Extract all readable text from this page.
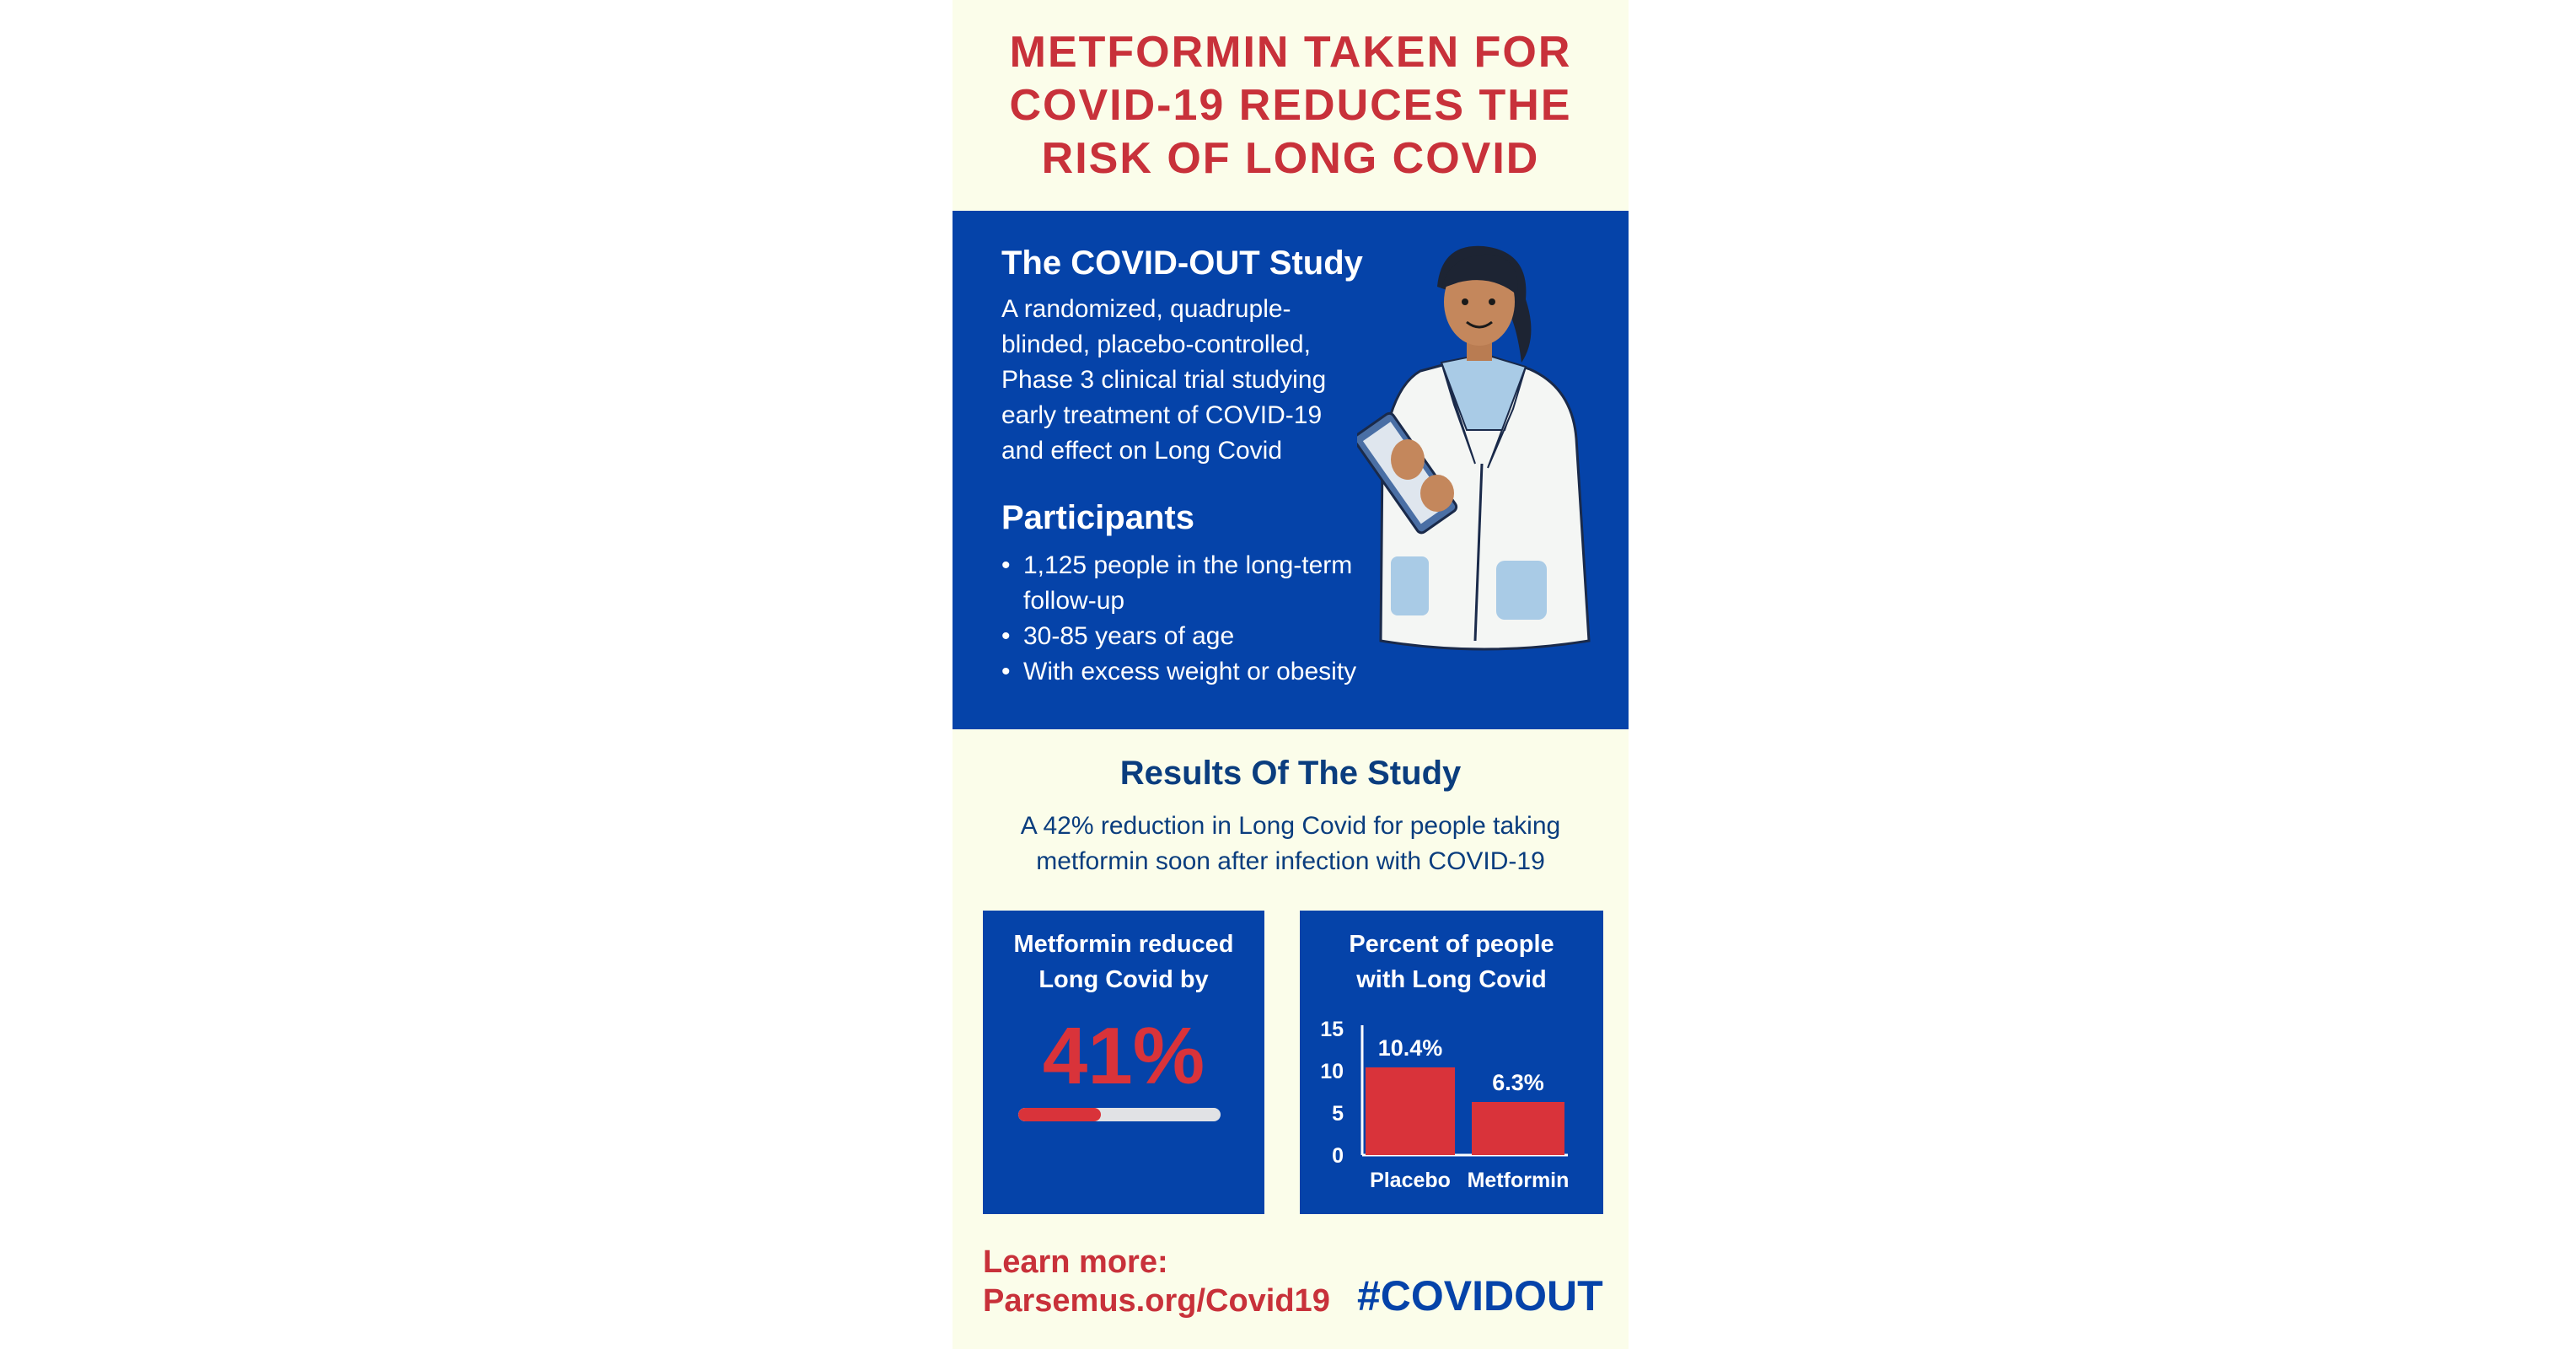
METFORMIN TAKEN FOR
COVID-19 REDUCES THE
RISK OF LONG COVID
The COVID-OUT Study
A randomized, quadruple-
blinded, placebo-controlled,
Phase 3 clinical trial studying
early treatment of COVID-19
and effect on Long Covid
Participants
• 1,125 people in the long-term
follow-up
• 30-85 years of age
• With excess weight or obesity
Results Of The Study
A 42% reduction in Long Covid for people taking
metformin soon after infection with COVID-19
Metformin reduced
Long Covid by
41%
Percent of people
with Long Covid
0
5
10
15
10.4%
Placebo
6.3%
Metformin
Learn more:
Parsemus.org/Covid19 #COVIDOUT
